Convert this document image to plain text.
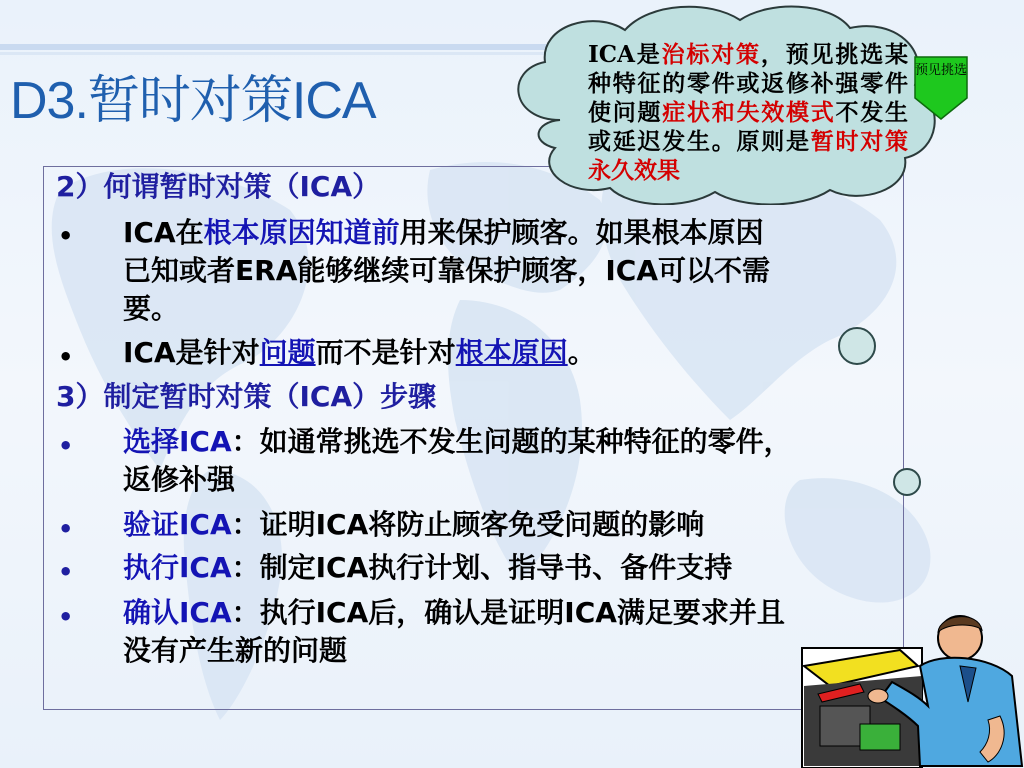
D3.暂时对策ICA
2）何谓暂时对策（ICA）
• ICA在根本原因知道前用来保护顾客。如果根本原因
已知或者ERA能够继续可靠保护顾客，ICA可以不需
要。
• ICA是针对问题而不是针对根本原因。
3）制定暂时对策（ICA）步骤
• 选择ICA：如通常挑选不发生问题的某种特征的零件，
返修补强
• 验证ICA：证明ICA将防止顾客免受问题的影响
• 执行ICA：制定ICA执行计划、指导书、备件支持
• 确认ICA：执行ICA后，确认是证明ICA满足要求并且
没有产生新的问题
ICA是治标对策，预见挑选某种特征的零件或返修补强零件使问题症状和失效模式不发生或延迟发生。原则是暂时对策永久效果
预见挑选
